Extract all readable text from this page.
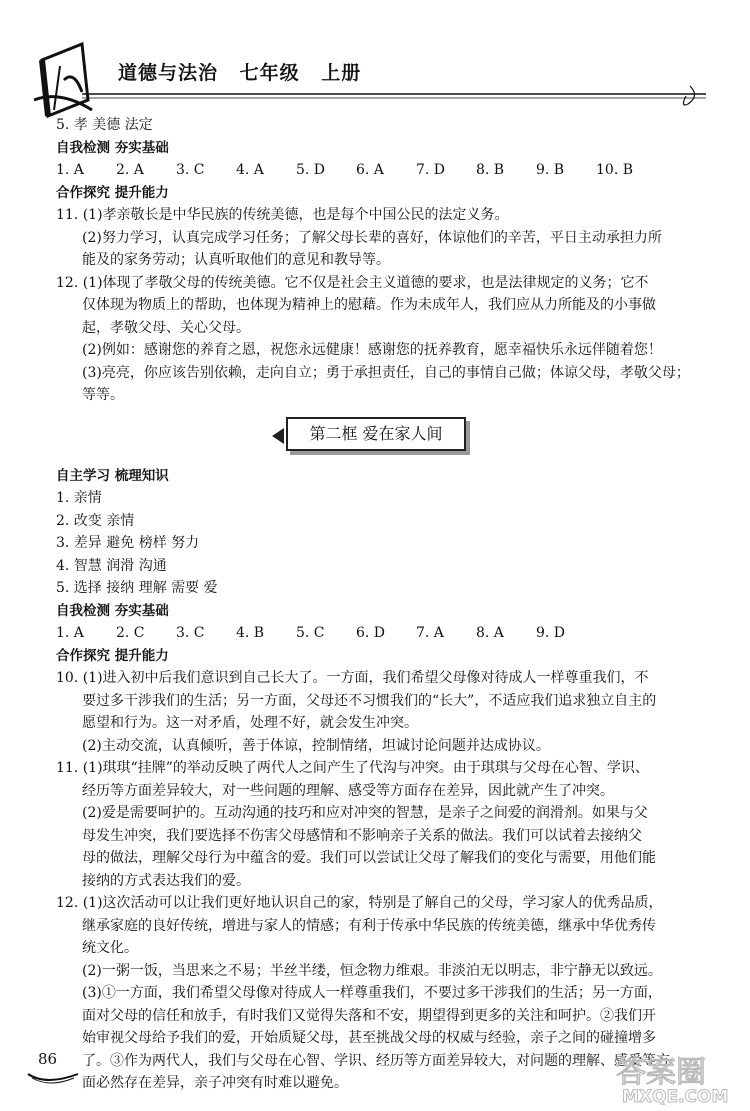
道德与法治 七年级 上册
5. 孝 美德 法定
自我检测 夯实基础
1. A	2. A	3. C	4. A	5. D	6. A	7. D	8. B	9. B	10. B
合作探究 提升能力
11. (1)孝亲敬长是中华民族的传统美德，也是每个中国公民的法定义务。
(2)努力学习，认真完成学习任务；了解父母长辈的喜好，体谅他们的辛苦，平日主动承担力所
能及的家务劳动；认真听取他们的意见和教导等。
12. (1)体现了孝敬父母的传统美德。它不仅是社会主义道德的要求，也是法律规定的义务；它不
仅体现为物质上的帮助，也体现为精神上的慰藉。作为未成年人，我们应从力所能及的小事做
起，孝敬父母、关心父母。
(2)例如：感谢您的养育之恩，祝您永远健康！感谢您的抚养教育，愿幸福快乐永远伴随着您！
(3)亮亮，你应该告别依赖，走向自立；勇于承担责任，自己的事情自己做；体谅父母，孝敬父母；
等等。
第二框 爱在家人间
自主学习 梳理知识
1. 亲情
2. 改变 亲情
3. 差异 避免 榜样 努力
4. 智慧 润滑 沟通
5. 选择 接纳 理解 需要 爱
自我检测 夯实基础
1. A	2. C	3. C	4. B	5. C	6. D	7. A	8. A	9. D
合作探究 提升能力
10. (1)进入初中后我们意识到自己长大了。一方面，我们希望父母像对待成人一样尊重我们，不
要过多干涉我们的生活；另一方面，父母还不习惯我们的“长大”，不适应我们追求独立自主的
愿望和行为。这一对矛盾，处理不好，就会发生冲突。
(2)主动交流，认真倾听，善于体谅，控制情绪，坦诚讨论问题并达成协议。
11. (1)琪琪“挂牌”的举动反映了两代人之间产生了代沟与冲突。由于琪琪与父母在心智、学识、
经历等方面差异较大，对一些问题的理解、感受等方面存在差异，因此就产生了冲突。
(2)爱是需要呵护的。互动沟通的技巧和应对冲突的智慧，是亲子之间爱的润滑剂。如果与父
母发生冲突，我们要选择不伤害父母感情和不影响亲子关系的做法。我们可以试着去接纳父
母的做法，理解父母行为中蕴含的爱。我们可以尝试让父母了解我们的变化与需要，用他们能
接纳的方式表达我们的爱。
12. (1)这次活动可以让我们更好地认识自己的家，特别是了解自己的父母，学习家人的优秀品质，
继承家庭的良好传统，增进与家人的情感；有利于传承中华民族的传统美德，继承中华优秀传
统文化。
(2)一粥一饭，当思来之不易；半丝半缕，恒念物力维艰。非淡泊无以明志，非宁静无以致远。
(3)①一方面，我们希望父母像对待成人一样尊重我们，不要过多干涉我们的生活；另一方面，
面对父母的信任和放手，有时我们又觉得失落和不安，期望得到更多的关注和呵护。②我们开
始审视父母给予我们的爱，开始质疑父母，甚至挑战父母的权威与经验，亲子之间的碰撞增多
了。③作为两代人，我们与父母在心智、学识、经历等方面差异较大，对问题的理解、感受等方
面必然存在差异，亲子冲突有时难以避免。
86	答案圈
MXQE.COM
